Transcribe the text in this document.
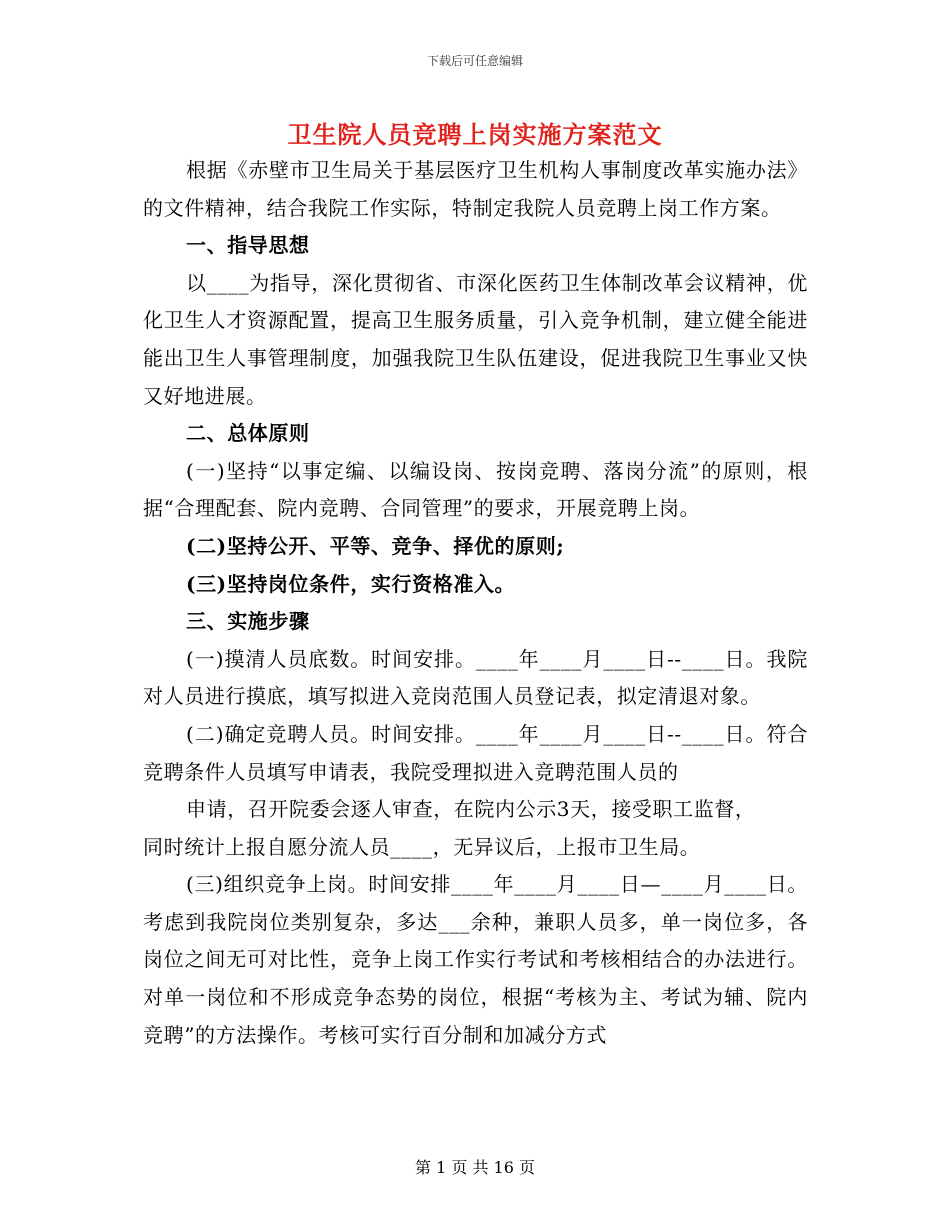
下载后可任意编辑
卫生院人员竞聘上岗实施方案范文

根据《赤壁市卫生局关于基层医疗卫生机构人事制度改革实施办法》的文件精神，结合我院工作实际，特制定我院人员竞聘上岗工作方案。

一、指导思想

以____为指导，深化贯彻省、市深化医药卫生体制改革会议精神，优化卫生人才资源配置，提高卫生服务质量，引入竞争机制，建立健全能进能出卫生人事管理制度，加强我院卫生队伍建设，促进我院卫生事业又快又好地进展。

二、总体原则

(一)坚持“以事定编、以编设岗、按岗竞聘、落岗分流”的原则，根据“合理配套、院内竞聘、合同管理”的要求，开展竞聘上岗。

(二)坚持公开、平等、竞争、择优的原则;

(三)坚持岗位条件，实行资格准入。

三、实施步骤

(一)摸清人员底数。时间安排。____年____月____日--____日。我院对人员进行摸底，填写拟进入竞岗范围人员登记表，拟定清退对象。

(二)确定竞聘人员。时间安排。____年____月____日--____日。符合竞聘条件人员填写申请表，我院受理拟进入竞聘范围人员的

申请，召开院委会逐人审查，在院内公示3天，接受职工监督，

同时统计上报自愿分流人员____，无异议后，上报市卫生局。

(三)组织竞争上岗。时间安排____年____月____日—____月____日。考虑到我院岗位类别复杂，多达___余种，兼职人员多，单一岗位多，各岗位之间无可对比性，竞争上岗工作实行考试和考核相结合的办法进行。对单一岗位和不形成竞争态势的岗位，根据“考核为主、考试为辅、院内竞聘”的方法操作。考核可实行百分制和加减分方式

第 1 页 共 16 页
